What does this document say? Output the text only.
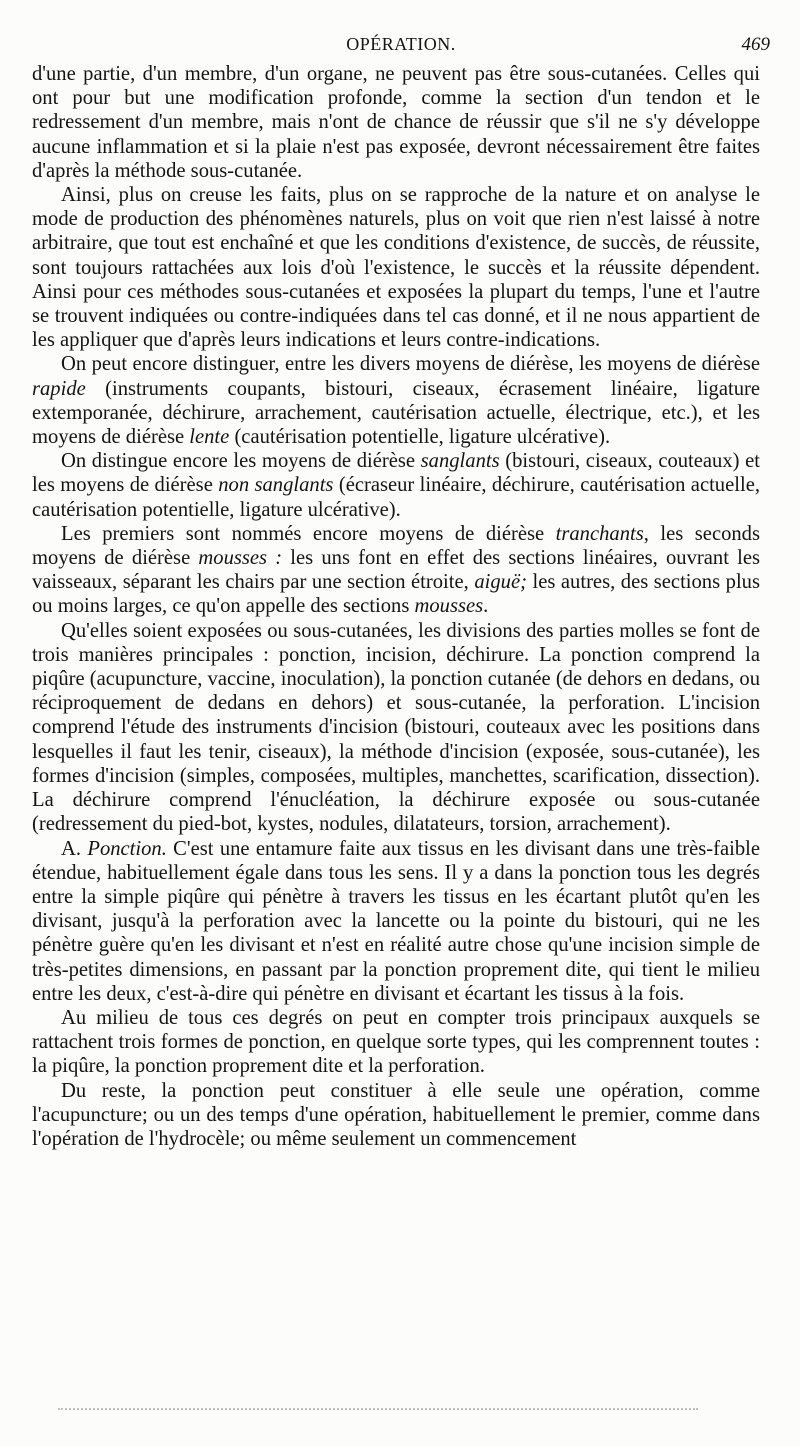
OPÉRATION.	469

d'une partie, d'un membre, d'un organe, ne peuvent pas être sous-cutanées. Celles qui ont pour but une modification profonde, comme la section d'un tendon et le redressement d'un membre, mais n'ont de chance de réussir que s'il ne s'y développe aucune inflammation et si la plaie n'est pas exposée, devront nécessairement être faites d'après la méthode sous-cutanée.

Ainsi, plus on creuse les faits, plus on se rapproche de la nature et on analyse le mode de production des phénomènes naturels, plus on voit que rien n'est laissé à notre arbitraire, que tout est enchaîné et que les conditions d'existence, de succès, de réussite, sont toujours rattachées aux lois d'où l'existence, le succès et la réussite dépendent. Ainsi pour ces méthodes sous-cutanées et exposées la plupart du temps, l'une et l'autre se trouvent indiquées ou contre-indiquées dans tel cas donné, et il ne nous appartient de les appliquer que d'après leurs indications et leurs contre-indications.

On peut encore distinguer, entre les divers moyens de diérèse, les moyens de diérèse rapide (instruments coupants, bistouri, ciseaux, écrasement linéaire, ligature extemporanée, déchirure, arrachement, cautérisation actuelle, électrique, etc.), et les moyens de diérèse lente (cautérisation potentielle, ligature ulcérative).

On distingue encore les moyens de diérèse sanglants (bistouri, ciseaux, couteaux) et les moyens de diérèse non sanglants (écraseur linéaire, déchirure, cautérisation actuelle, cautérisation potentielle, ligature ulcérative).

Les premiers sont nommés encore moyens de diérèse tranchants, les seconds moyens de diérèse mousses : les uns font en effet des sections linéaires, ouvrant les vaisseaux, séparant les chairs par une section étroite, aiguë; les autres, des sections plus ou moins larges, ce qu'on appelle des sections mousses.

Qu'elles soient exposées ou sous-cutanées, les divisions des parties molles se font de trois manières principales : ponction, incision, déchirure. La ponction comprend la piqûre (acupuncture, vaccine, inoculation), la ponction cutanée (de dehors en dedans, ou réciproquement de dedans en dehors) et sous-cutanée, la perforation. L'incision comprend l'étude des instruments d'incision (bistouri, couteaux avec les positions dans lesquelles il faut les tenir, ciseaux), la méthode d'incision (exposée, sous-cutanée), les formes d'incision (simples, composées, multiples, manchettes, scarification, dissection). La déchirure comprend l'énucléation, la déchirure exposée ou sous-cutanée (redressement du pied-bot, kystes, nodules, dilatateurs, torsion, arrachement).

A. Ponction. C'est une entamure faite aux tissus en les divisant dans une très-faible étendue, habituellement égale dans tous les sens. Il y a dans la ponction tous les degrés entre la simple piqûre qui pénètre à travers les tissus en les écartant plutôt qu'en les divisant, jusqu'à la perforation avec la lancette ou la pointe du bistouri, qui ne les pénètre guère qu'en les divisant et n'est en réalité autre chose qu'une incision simple de très-petites dimensions, en passant par la ponction proprement dite, qui tient le milieu entre les deux, c'est-à-dire qui pénètre en divisant et écartant les tissus à la fois.

Au milieu de tous ces degrés on peut en compter trois principaux auxquels se rattachent trois formes de ponction, en quelque sorte types, qui les comprennent toutes : la piqûre, la ponction proprement dite et la perforation.

Du reste, la ponction peut constituer à elle seule une opération, comme l'acupuncture; ou un des temps d'une opération, habituellement le premier, comme dans l'opération de l'hydrocèle; ou même seulement un commencement
